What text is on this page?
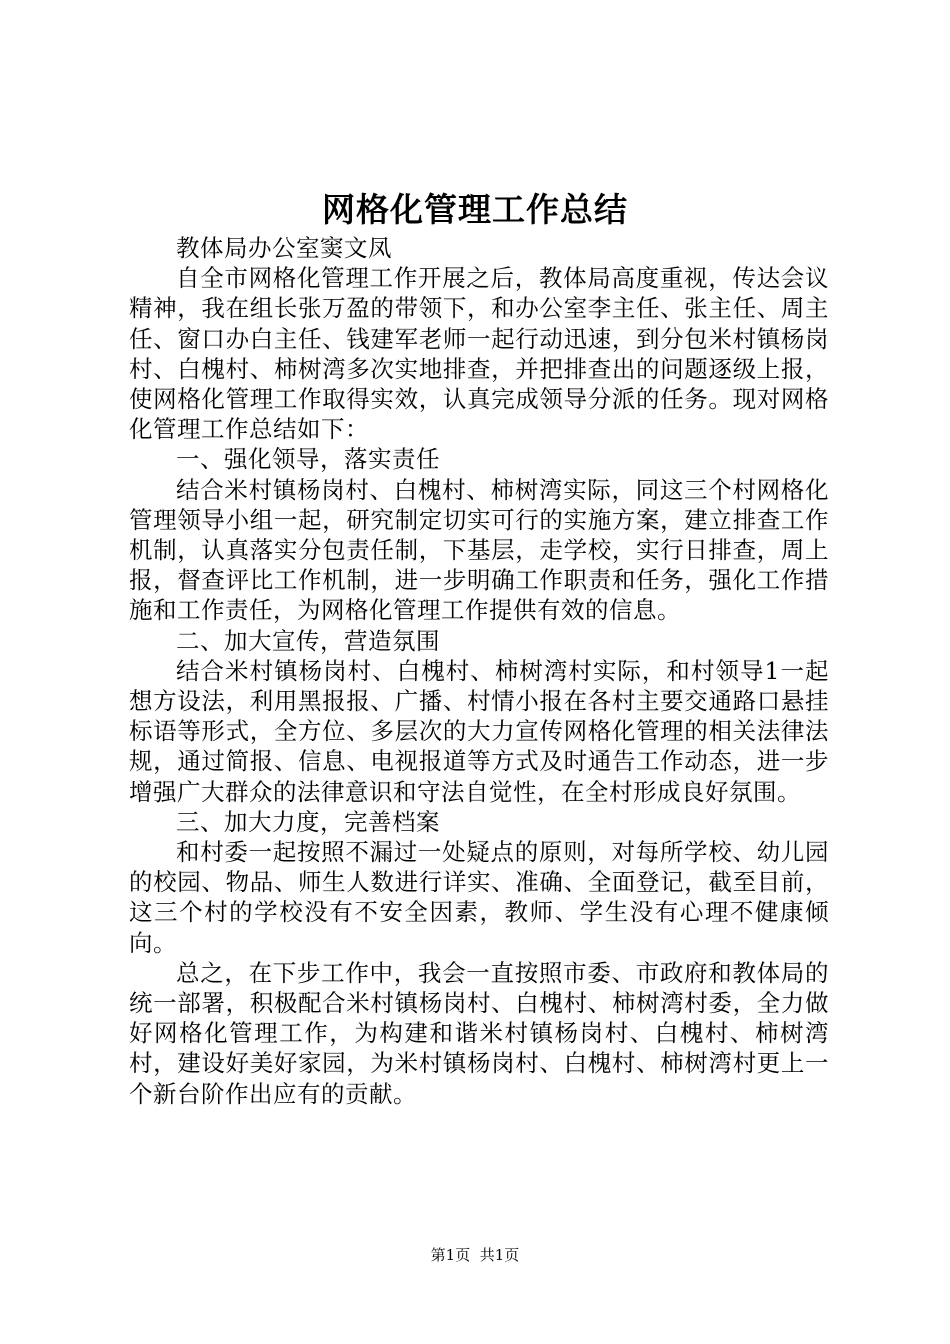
网格化管理工作总结

教体局办公室窦文凤

自全市网格化管理工作开展之后，教体局高度重视，传达会议精神，我在组长张万盈的带领下，和办公室李主任、张主任、周主任、窗口办白主任、钱建军老师一起行动迅速，到分包米村镇杨岗村、白槐村、柿树湾多次实地排查，并把排查出的问题逐级上报，使网格化管理工作取得实效，认真完成领导分派的任务。现对网格化管理工作总结如下：

一、强化领导，落实责任

结合米村镇杨岗村、白槐村、柿树湾实际，同这三个村网格化管理领导小组一起，研究制定切实可行的实施方案，建立排查工作机制，认真落实分包责任制，下基层，走学校，实行日排查，周上报，督查评比工作机制，进一步明确工作职责和任务，强化工作措施和工作责任，为网格化管理工作提供有效的信息。

二、加大宣传，营造氛围

结合米村镇杨岗村、白槐村、柿树湾村实际，和村领导1一起想方设法，利用黑报报、广播、村情小报在各村主要交通路口悬挂标语等形式，全方位、多层次的大力宣传网格化管理的相关法律法规，通过简报、信息、电视报道等方式及时通告工作动态，进一步增强广大群众的法律意识和守法自觉性，在全村形成良好氛围。

三、加大力度，完善档案

和村委一起按照不漏过一处疑点的原则，对每所学校、幼儿园的校园、物品、师生人数进行详实、准确、全面登记，截至目前，这三个村的学校没有不安全因素，教师、学生没有心理不健康倾向。

总之，在下步工作中，我会一直按照市委、市政府和教体局的统一部署，积极配合米村镇杨岗村、白槐村、柿树湾村委，全力做好网格化管理工作，为构建和谐米村镇杨岗村、白槐村、柿树湾村，建设好美好家园，为米村镇杨岗村、白槐村、柿树湾村更上一个新台阶作出应有的贡献。

第1页 共1页
